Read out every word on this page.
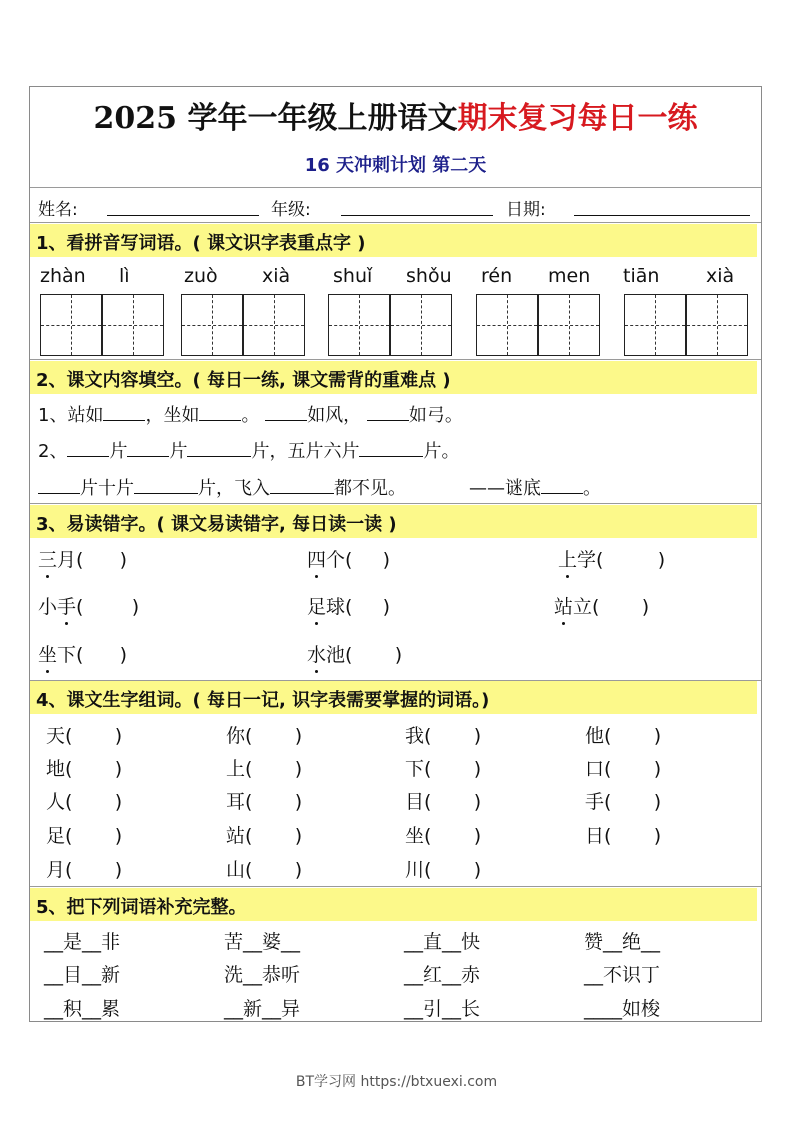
2025 学年一年级上册语文期末复习每日一练
16 天冲刺计划 第二天
姓名:	年级:	日期:
1、看拼音写词语。( 课文识字表重点字 )
zhàn lì	zuò xià shuǐ shǒu rén men tiān xià
2、课文内容填空。( 每日一练, 课文需背的重难点 )
1、站如 ，坐如 。	如风，	如弓。
2、 片 片	片，五片六片	片。
片十片	片，飞入	都不见。	——谜底 。
3、易读错字。( 课文易读错字, 每日读一读 )
三月(      )	四个(     )	上学(         )
小手(        )	足球(     )	站立(       )
坐下(      )	水池(       )
4、课文生字组词。( 每日一记, 识字表需要掌握的词语。)
天(       )	你(       )	我(       )	他(       )
地(       )	上(       )	下(       )	口(       )
人(       )	耳(       )	目(       )	手(       )
足(       )	站(       )	坐(       )	日(       )
月(       )	山(       )	川(       )
5、把下列词语补充完整。
__是__非	苦__婆__	__直__快	赞__绝__
__目__新	洗__恭听	__红__赤	__不识丁
__积__累	__新__异	__引__长	____如梭
BT学习网 https://btxuexi.com
